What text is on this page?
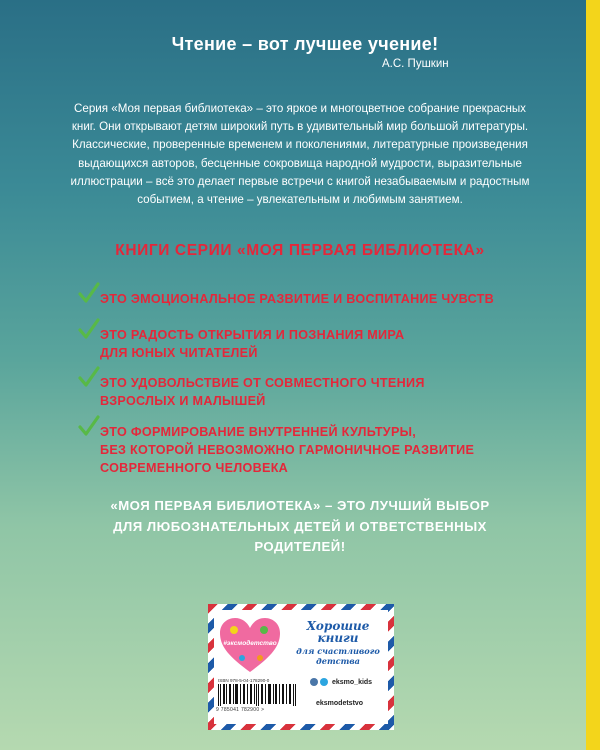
Чтение – вот лучшее учение!
А.С. Пушкин

Серия «Моя первая библиотека» – это яркое и многоцветное собрание прекрасных книг. Они открывают детям широкий путь в удивительный мир большой литературы. Классические, проверенные временем и поколениями, литературные произведения выдающихся авторов, бесценные сокровища народной мудрости, выразительные иллюстрации – всё это делает первые встречи с книгой незабываемым и радостным событием, а чтение – увлекательным и любимым занятием.

КНИГИ СЕРИИ «МОЯ ПЕРВАЯ БИБЛИОТЕКА»
ЭТО ЭМОЦИОНАЛЬНОЕ РАЗВИТИЕ И ВОСПИТАНИЕ ЧУВСТВ
ЭТО РАДОСТЬ ОТКРЫТИЯ И ПОЗНАНИЯ МИРА
ДЛЯ ЮНЫХ ЧИТАТЕЛЕЙ
ЭТО УДОВОЛЬСТВИЕ ОТ СОВМЕСТНОГО ЧТЕНИЯ
ВЗРОСЛЫХ И МАЛЫШЕЙ
ЭТО ФОРМИРОВАНИЕ ВНУТРЕННЕЙ КУЛЬТУРЫ,
БЕЗ КОТОРОЙ НЕВОЗМОЖНО ГАРМОНИЧНОЕ РАЗВИТИЕ
СОВРЕМЕННОГО ЧЕЛОВЕКА

«МОЯ ПЕРВАЯ БИБЛИОТЕКА» – ЭТО ЛУЧШИЙ ВЫБОР
ДЛЯ ЛЮБОЗНАТЕЛЬНЫХ ДЕТЕЙ И ОТВЕТСТВЕННЫХ
РОДИТЕЛЕЙ!

#эксмодетство
Хорошие
книги
для счастливого
детства
ISBN 978-5-04-178290-0
9 785041 782900 >
eksmo_kids
eksmodetstvo
